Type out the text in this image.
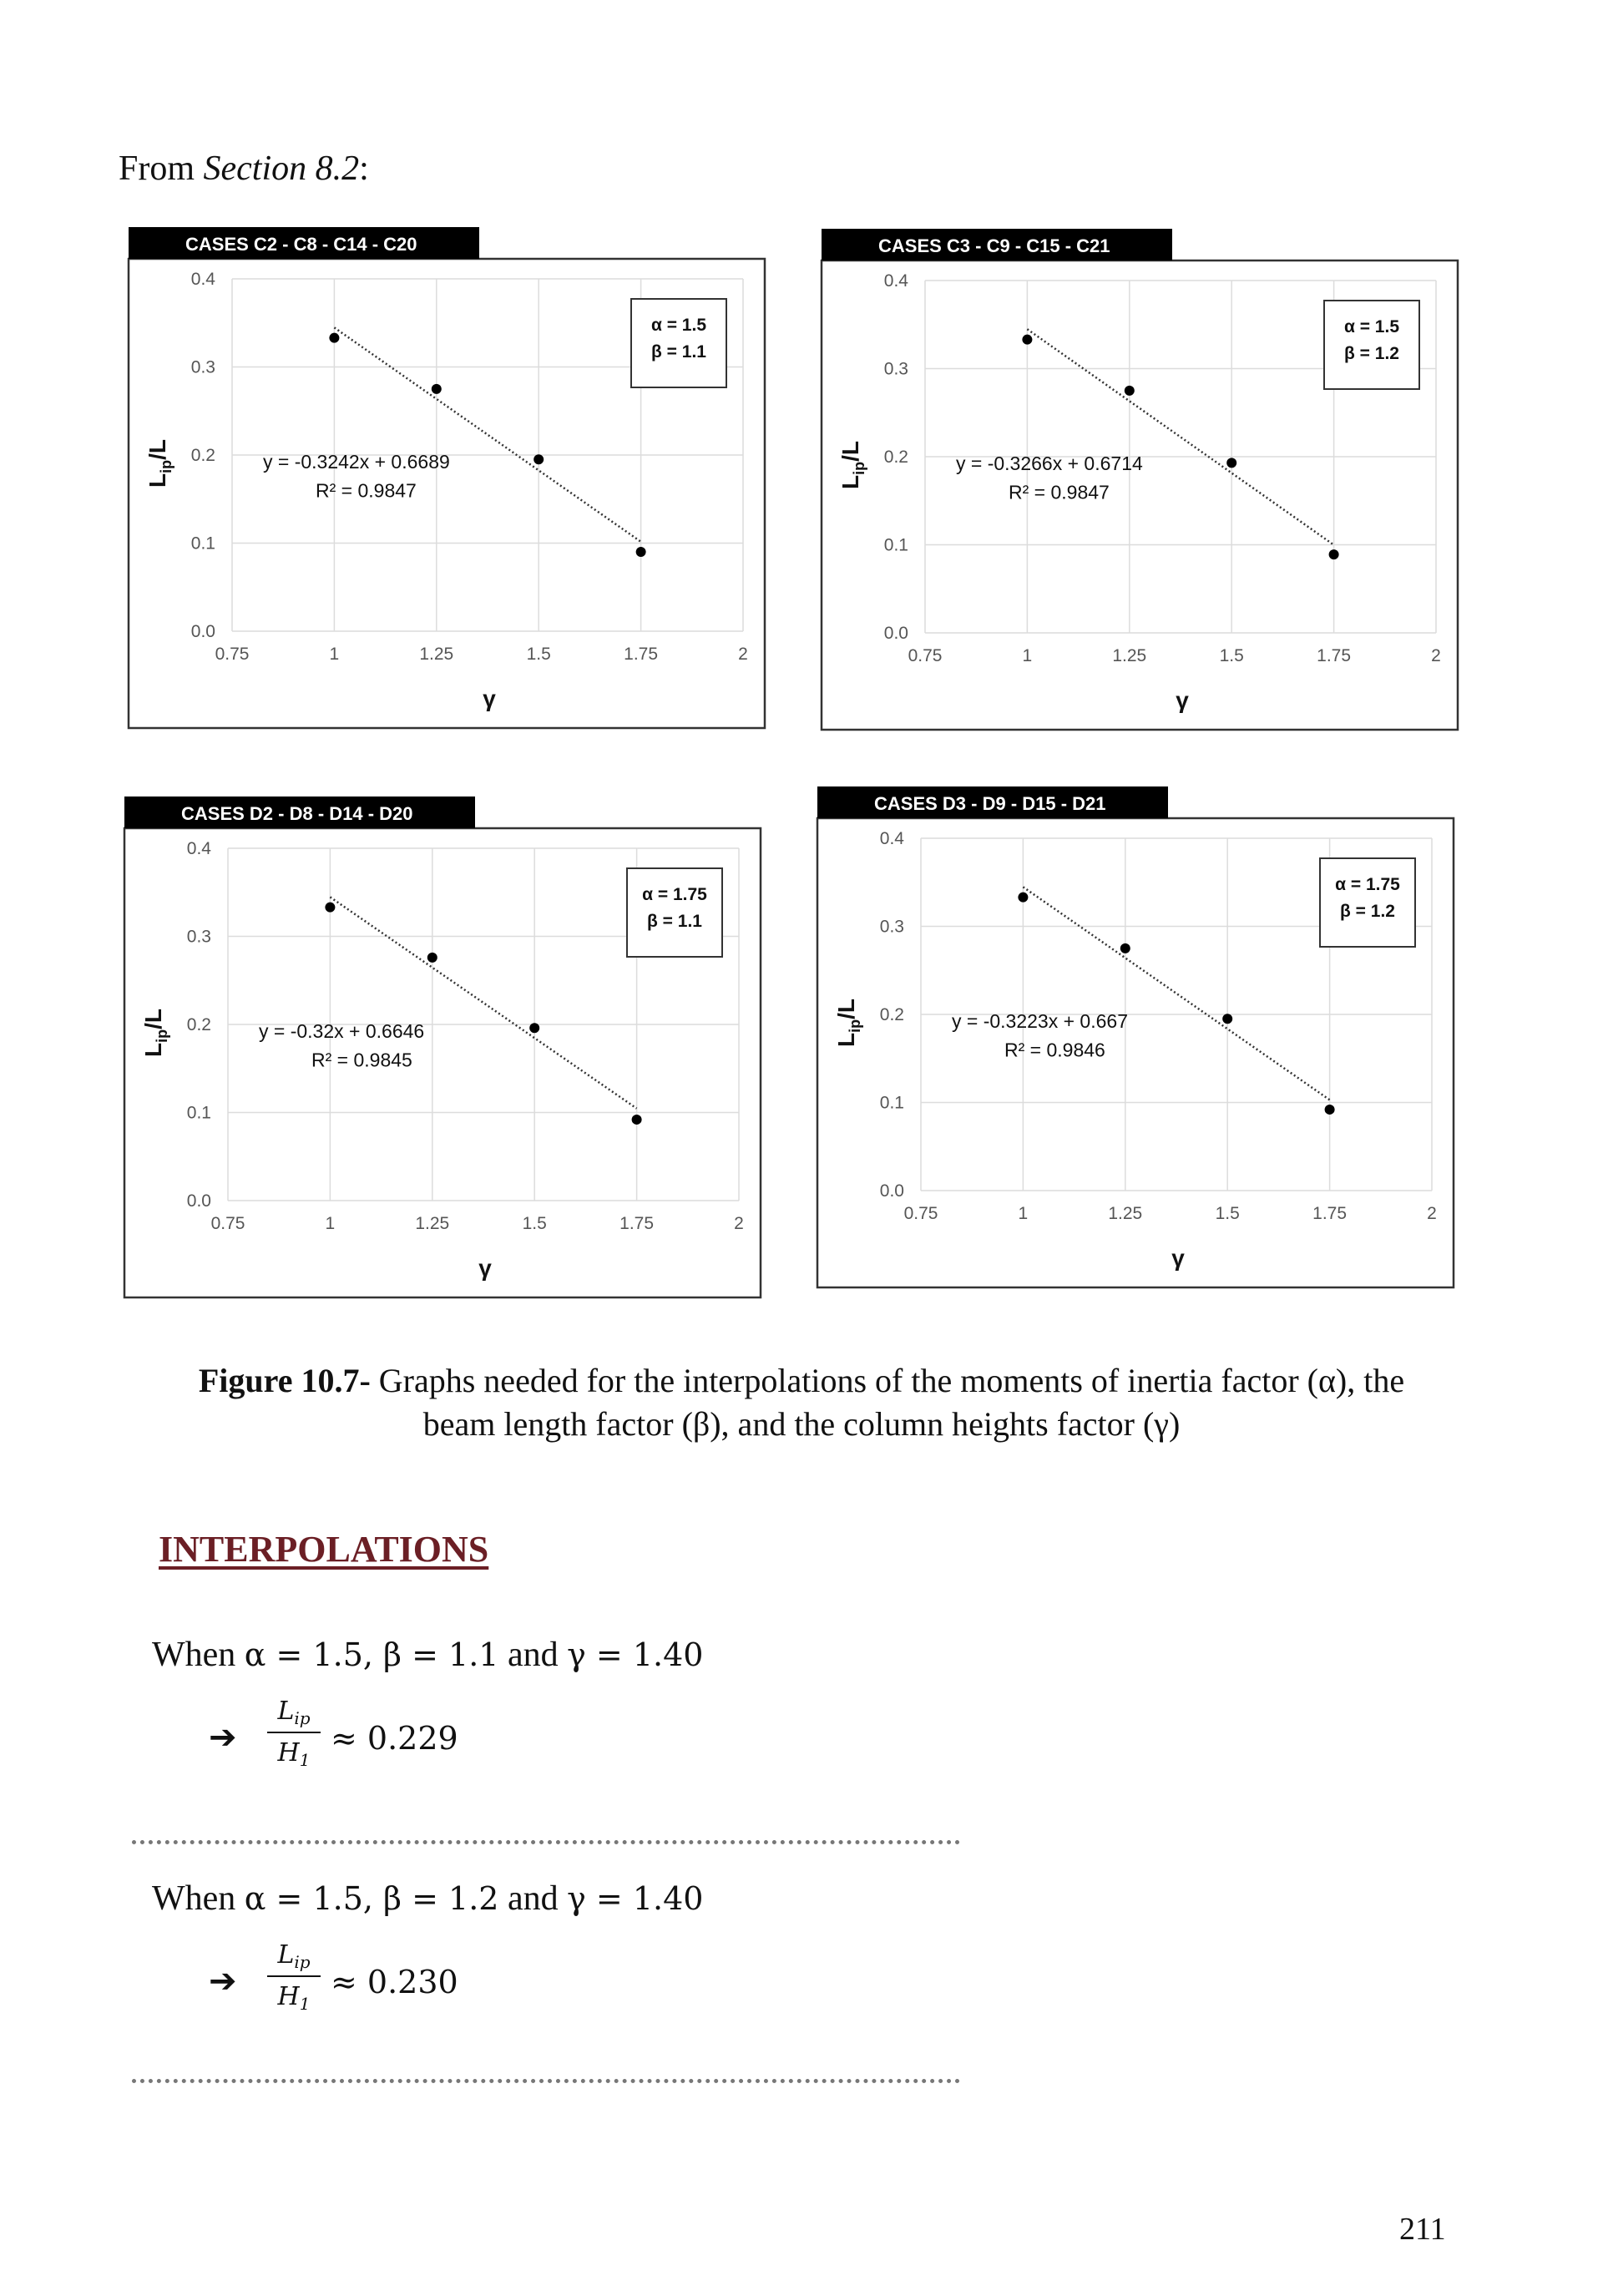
From Section 8.2:
CASES C2 - C8 - C14 - C20
0.0
0.1
0.2
0.3
0.4
0.75	1	1.25	1.5	1.75	2
γ
$L_{ip}/L$
y = -0.3242x + 0.6689
R² = 0.9847
α = 1.5
β = 1.1
CASES C3 - C9 - C15 - C21
0.0
0.1
0.2
0.3
0.4
0.75	1	1.25	1.5	1.75	2
γ
$L_{ip}/L$
y = -0.3266x + 0.6714
R² = 0.9847
α = 1.5
β = 1.2
CASES D2 - D8 - D14 - D20
0.0
0.1
0.2
0.3
0.4
0.75	1	1.25	1.5	1.75	2
γ
$L_{ip}/L$
y = -0.32x + 0.6646
R² = 0.9845
α = 1.75
β = 1.1
CASES D3 - D9 - D15 - D21
0.0
0.1
0.2
0.3
0.4
0.75	1	1.25	1.5	1.75	2
γ
$L_{ip}/L$
y = -0.3223x + 0.667
R² = 0.9846
α = 1.75
β = 1.2
Figure 10.7- Graphs needed for the interpolations of the moments of inertia factor (α), the beam length factor (β), and the column heights factor (γ)
INTERPOLATIONS
When α = 1.5, β = 1.1 and γ = 1.40
➔
$L_{ip}$
$H_1$
≈ 0.229
When α = 1.5, β = 1.2 and γ = 1.40
➔
$L_{ip}$
$H_1$
≈ 0.230
211
